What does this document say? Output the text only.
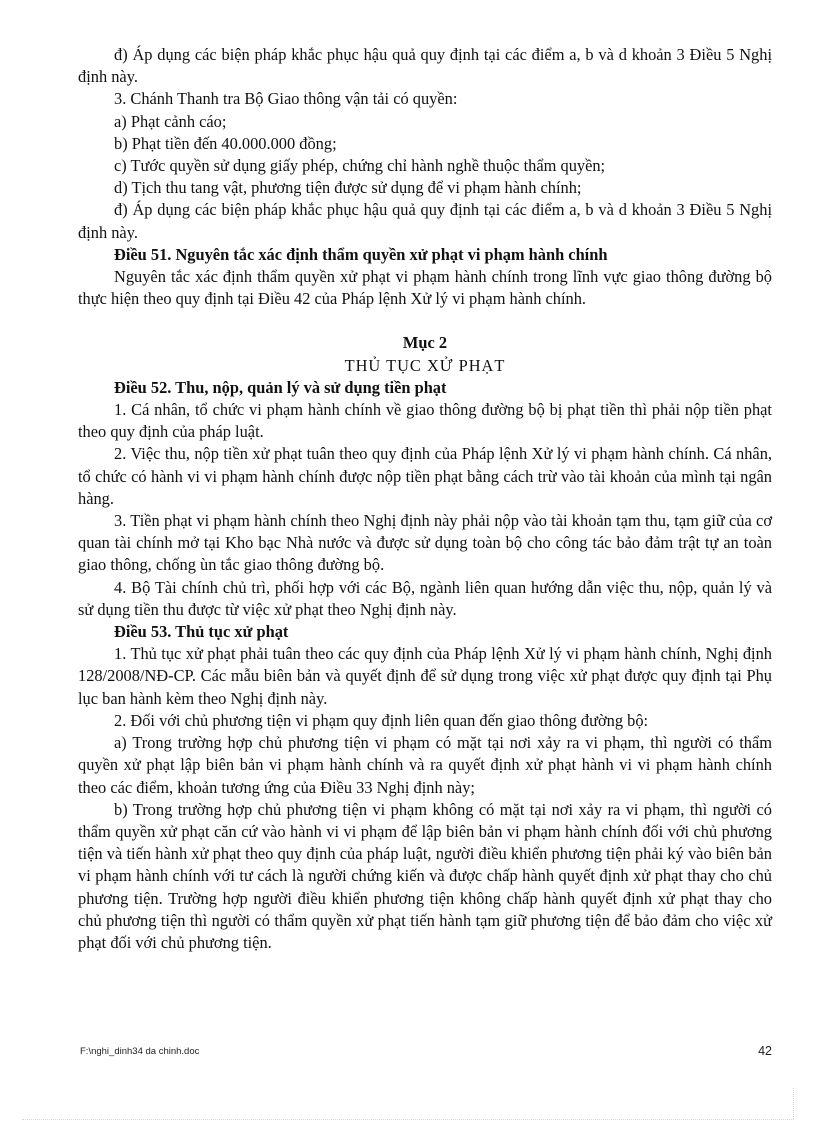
đ) Áp dụng các biện pháp khắc phục hậu quả quy định tại các điểm a, b và d khoản 3 Điều 5 Nghị định này.

3. Chánh Thanh tra Bộ Giao thông vận tải có quyền:

a) Phạt cảnh cáo;

b) Phạt tiền đến 40.000.000 đồng;

c) Tước quyền sử dụng giấy phép, chứng chỉ hành nghề thuộc thẩm quyền;

d) Tịch thu tang vật, phương tiện được sử dụng để vi phạm hành chính;

đ) Áp dụng các biện pháp khắc phục hậu quả quy định tại các điểm a, b và d khoản 3 Điều 5 Nghị định này.

Điều 51. Nguyên tắc xác định thẩm quyền xử phạt vi phạm hành chính

Nguyên tắc xác định thẩm quyền xử phạt vi phạm hành chính trong lĩnh vực giao thông đường bộ thực hiện theo quy định tại Điều 42 của Pháp lệnh Xử lý vi phạm hành chính.

Mục 2

THỦ TỤC XỬ PHẠT

Điều 52. Thu, nộp, quản lý và sử dụng tiền phạt

1. Cá nhân, tổ chức vi phạm hành chính về giao thông đường bộ bị phạt tiền thì phải nộp tiền phạt theo quy định của pháp luật.

2. Việc thu, nộp tiền xử phạt tuân theo quy định của Pháp lệnh Xử lý vi phạm hành chính. Cá nhân, tổ chức có hành vi vi phạm hành chính được nộp tiền phạt bằng cách trừ vào tài khoản của mình tại ngân hàng.

3. Tiền phạt vi phạm hành chính theo Nghị định này phải nộp vào tài khoản tạm thu, tạm giữ của cơ quan tài chính mở tại Kho bạc Nhà nước và được sử dụng toàn bộ cho công tác bảo đảm trật tự an toàn giao thông, chống ùn tắc giao thông đường bộ.

4. Bộ Tài chính chủ trì, phối hợp với các Bộ, ngành liên quan hướng dẫn việc thu, nộp, quản lý và sử dụng tiền thu được từ việc xử phạt theo Nghị định này.

Điều 53. Thủ tục xử phạt

1. Thủ tục xử phạt phải tuân theo các quy định của Pháp lệnh Xử lý vi phạm hành chính, Nghị định 128/2008/NĐ-CP. Các mẫu biên bản và quyết định để sử dụng trong việc xử phạt được quy định tại Phụ lục ban hành kèm theo Nghị định này.

2. Đối với chủ phương tiện vi phạm quy định liên quan đến giao thông đường bộ:

a) Trong trường hợp chủ phương tiện vi phạm có mặt tại nơi xảy ra vi phạm, thì người có thẩm quyền xử phạt lập biên bản vi phạm hành chính và ra quyết định xử phạt hành vi vi phạm hành chính theo các điểm, khoản tương ứng của Điều 33 Nghị định này;

b) Trong trường hợp chủ phương tiện vi phạm không có mặt tại nơi xảy ra vi phạm, thì người có thẩm quyền xử phạt căn cứ vào hành vi vi phạm để lập biên bản vi phạm hành chính đối với chủ phương tiện và tiến hành xử phạt theo quy định của pháp luật, người điều khiển phương tiện phải ký vào biên bản vi phạm hành chính với tư cách là người chứng kiến và được chấp hành quyết định xử phạt thay cho chủ phương tiện. Trường hợp người điều khiển phương tiện không chấp hành quyết định xử phạt thay cho chủ phương tiện thì người có thẩm quyền xử phạt tiến hành tạm giữ phương tiện để bảo đảm cho việc xử phạt đối với chủ phương tiện.

F:\nghi_dinh34 da chinh.doc	42
